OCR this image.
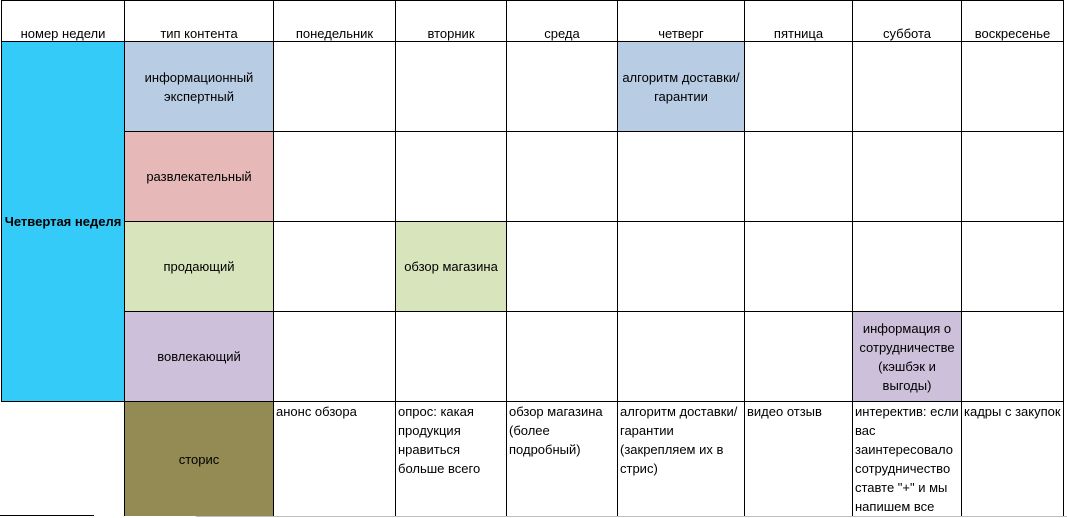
номер недели	тип контента	понедельник	вторник	среда	четверг	пятница	суббота	воскресенье
Четвертая неделя	информационный экспертный				алгоритм доставки/гарантии			
	развлекательный							
	продающий		обзор магазина					
	вовлекающий						информация о сотрудничестве (кэшбэк и выгоды)	
	сторис	анонс обзора	опрос: какая продукция нравиться больше всего	обзор магазина (более подробный)	алгоритм доставки/гарантии (закрепляем их в стрис)	видео отзыв	интеректив: если вас заинтересовало сотрудничество ставте "+" и мы напишем все	кадры с закупок
